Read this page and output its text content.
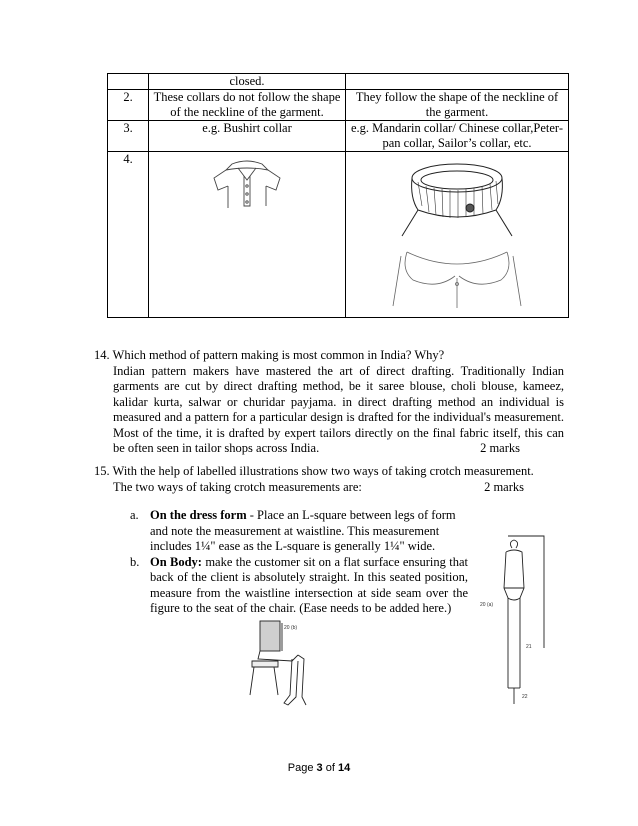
	closed.	
2.	These collars do not follow the shape of the neckline of the garment.	They follow the shape of the neckline of the garment.
3.	e.g. Bushirt collar	e.g. Mandarin collar/ Chinese collar,Peter-pan collar, Sailor’s collar, etc.
4.	

14. Which method of pattern making is most common in India? Why?
Indian pattern makers have mastered the art of direct drafting. Traditionally Indian garments are cut by direct drafting method, be it saree blouse, choli blouse, kameez, kalidar kurta, salwar or churidar payjama. in direct drafting method an individual is measured and a pattern for a particular design is drafted for the individual's measurement. Most of the time, it is drafted by expert tailors directly on the final fabric itself, this can be often seen in tailor shops across India.	2 marks
15. With the help of labelled illustrations show two ways of taking crotch measurement.
The two ways of taking crotch measurements are:	2 marks
a. On the dress form - Place an L-square between legs of form and note the measurement at waistline. This measurement includes 1¼" ease as the L-square is generally 1¼" wide.
b. On Body: make the customer sit on a flat surface ensuring that back of the client is absolutely straight. In this seated position, measure from the waistline intersection at side seam over the figure to the seat of the chair. (Ease needs to be added here.)
20 (b)
20 (a)
21
22
Page 3 of 14
